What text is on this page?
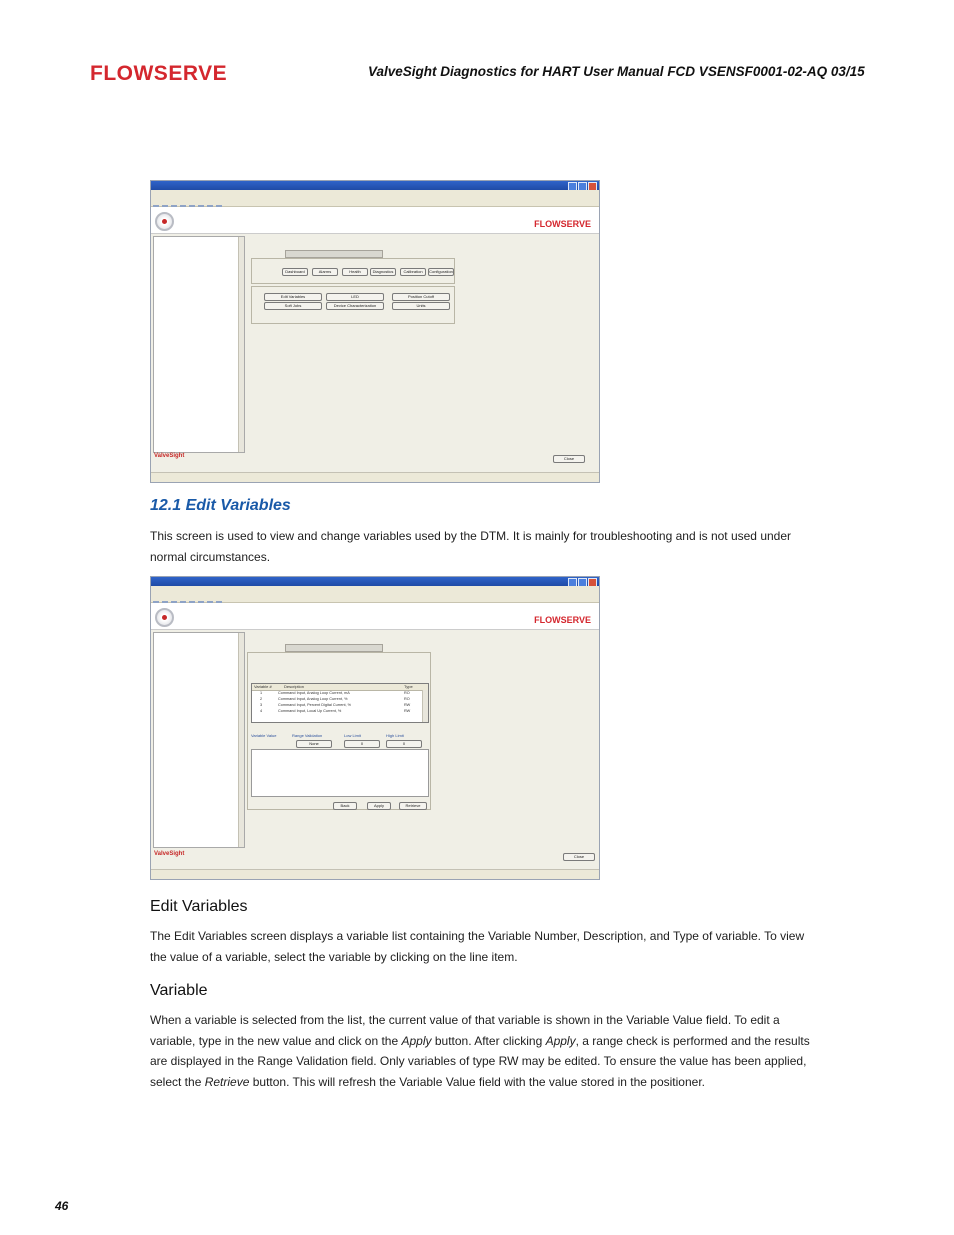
FLOWSERVE	ValveSight Diagnostics for HART User Manual FCD VSENSF0001-02-AQ 03/15
FLOWSERVE
Dashboard	Alarms	Health	Diagnostics	Calibration	Configuration
Edit Variables	LED	Position Cutoff
Soft Jobs	Device Characterization	Units
ValveSight	Close
12.1 Edit Variables
This screen is used to view and change variables used by the DTM. It is mainly for troubleshooting and is not used under normal circumstances.
FLOWSERVE
Variable #	Description	Type
1	Command Input, Analog Loop Current, mA	RO
2	Command Input, Analog Loop Current, %	RO
3	Command Input, Percent Digital Current, %	RW
4	Command Input, Local Up Current, %	RW
Variable Value	Range Validation	Low Limit	High Limit
None	0	0
Back	Apply	Retrieve
ValveSight	Close
Edit Variables
The Edit Variables screen displays a variable list containing the Variable Number, Description, and Type of variable. To view the value of a variable, select the variable by clicking on the line item.
Variable
When a variable is selected from the list, the current value of that variable is shown in the Variable Value field. To edit a variable, type in the new value and click on the Apply button. After clicking Apply, a range check is performed and the results are displayed in the Range Validation field. Only variables of type RW may be edited. To ensure the value has been applied, select the Retrieve button. This will refresh the Variable Value field with the value stored in the positioner.
46
